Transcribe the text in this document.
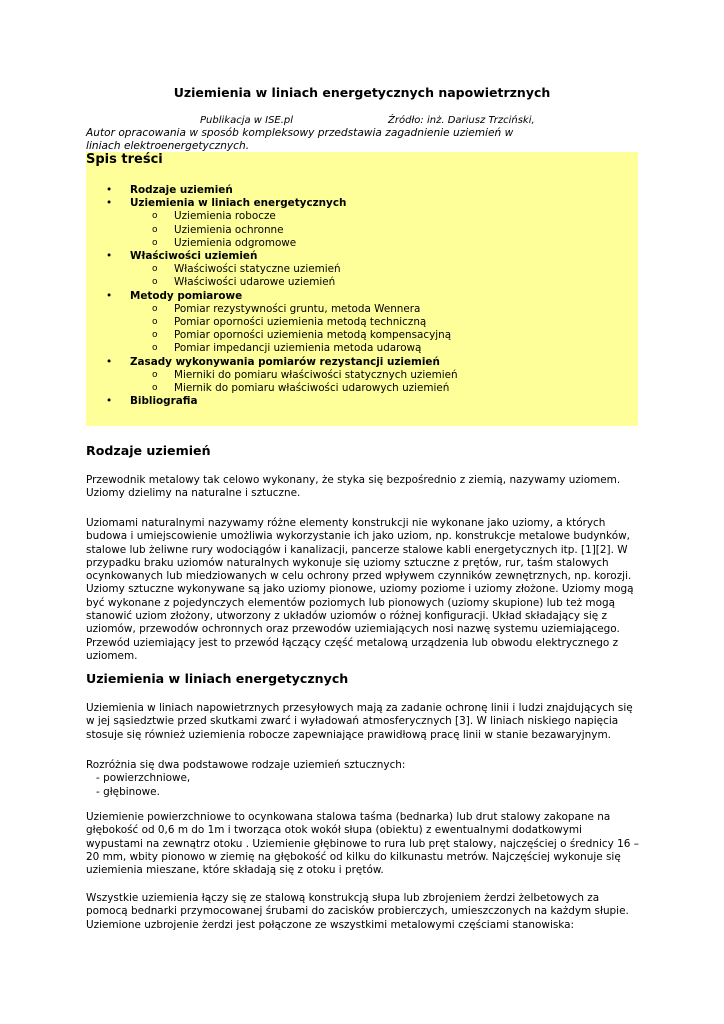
Uziemienia w liniach energetycznych napowietrznych
Publikacja w ISE.pl	Źródło: inż. Dariusz Trzciński,

Autor opracowania w sposób kompleksowy przedstawia zagadnienie uziemień w liniach elektroenergetycznych.

Spis treści
• Rodzaje uziemień
• Uziemienia w liniach energetycznych
o Uziemienia robocze
o Uziemienia ochronne
o Uziemienia odgromowe
• Właściwości uziemień
o Właściwości statyczne uziemień
o Właściwości udarowe uziemień
• Metody pomiarowe
o Pomiar rezystywności gruntu, metoda Wennera
o Pomiar oporności uziemienia metodą techniczną
o Pomiar oporności uziemienia metodą kompensacyjną
o Pomiar impedancji uziemienia metoda udarową
• Zasady wykonywania pomiarów rezystancji uziemień
o Mierniki do pomiaru właściwości statycznych uziemień
o Miernik do pomiaru właściwości udarowych uziemień
• Bibliografia
Rodzaje uziemień

Przewodnik metalowy tak celowo wykonany, że styka się bezpośrednio z ziemią, nazywamy uziomem. Uziomy dzielimy na naturalne i sztuczne.

Uziomami naturalnymi nazywamy różne elementy konstrukcji nie wykonane jako uziomy, a których budowa i umiejscowienie umożliwia wykorzystanie ich jako uziom, np. konstrukcje metalowe budynków, stalowe lub żeliwne rury wodociągów i kanalizacji, pancerze stalowe kabli energetycznych itp. [1][2]. W przypadku braku uziomów naturalnych wykonuje się uziomy sztuczne z prętów, rur, taśm stalowych ocynkowanych lub miedziowanych w celu ochrony przed wpływem czynników zewnętrznych, np. korozji. Uziomy sztuczne wykonywane są jako uziomy pionowe, uziomy poziome i uziomy złożone. Uziomy mogą być wykonane z pojedynczych elementów poziomych lub pionowych (uziomy skupione) lub też mogą stanowić uziom złożony, utworzony z układów uziomów o różnej konfiguracji. Układ składający się z uziomów, przewodów ochronnych oraz przewodów uziemiających nosi nazwę systemu uziemiającego. Przewód uziemiający jest to przewód łączący część metalową urządzenia lub obwodu elektrycznego z uziomem.

Uziemienia w liniach energetycznych

Uziemienia w liniach napowietrznych przesyłowych mają za zadanie ochronę linii i ludzi znajdujących się w jej sąsiedztwie przed skutkami zwarć i wyładowań atmosferycznych [3]. W liniach niskiego napięcia stosuje się również uziemienia robocze zapewniające prawidłową pracę linii w stanie bezawaryjnym.

Rozróżnia się dwa podstawowe rodzaje uziemień sztucznych:
- powierzchniowe,
- głębinowe.

Uziemienie powierzchniowe to ocynkowana stalowa taśma (bednarka) lub drut stalowy zakopane na głębokość od 0,6 m do 1m i tworząca otok wokół słupa (obiektu) z ewentualnymi dodatkowymi wypustami na zewnątrz otoku . Uziemienie głębinowe to rura lub pręt stalowy, najczęściej o średnicy 16 – 20 mm, wbity pionowo w ziemię na głębokość od kilku do kilkunastu metrów. Najczęściej wykonuje się uziemienia mieszane, które składają się z otoku i prętów.

Wszystkie uziemienia łączy się ze stalową konstrukcją słupa lub zbrojeniem żerdzi żelbetowych za pomocą bednarki przymocowanej śrubami do zacisków probierczych, umieszczonych na każdym słupie. Uziemione uzbrojenie żerdzi jest połączone ze wszystkimi metalowymi częściami stanowiska:
